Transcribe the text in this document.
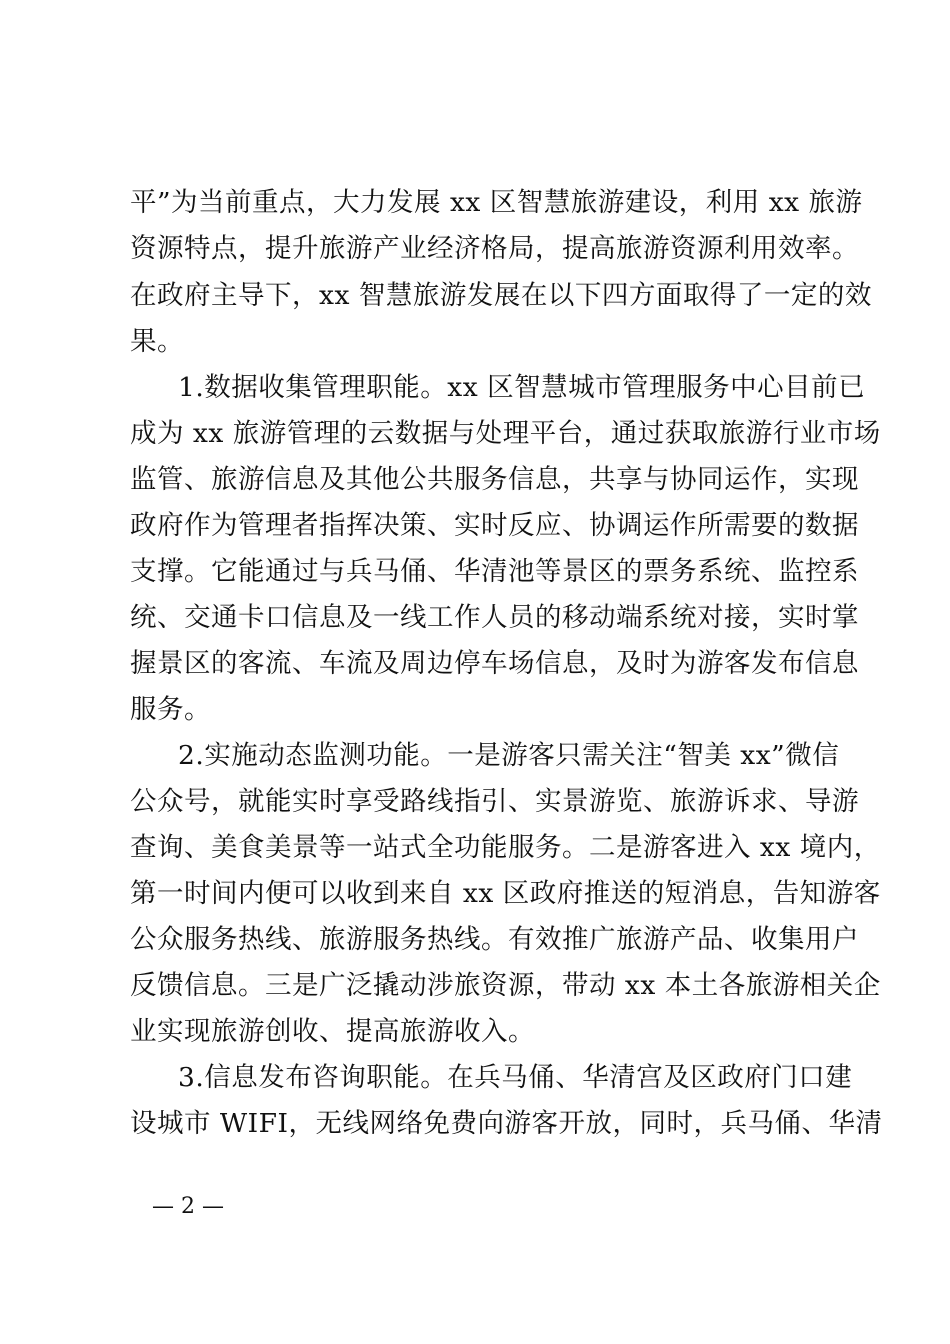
平”为当前重点，大力发展 xx 区智慧旅游建设，利用 xx 旅游
资源特点，提升旅游产业经济格局，提高旅游资源利用效率。
在政府主导下，xx 智慧旅游发展在以下四方面取得了一定的效
果。
1.数据收集管理职能。xx 区智慧城市管理服务中心目前已
成为 xx 旅游管理的云数据与处理平台，通过获取旅游行业市场
监管、旅游信息及其他公共服务信息，共享与协同运作，实现
政府作为管理者指挥决策、实时反应、协调运作所需要的数据
支撑。它能通过与兵马俑、华清池等景区的票务系统、监控系
统、交通卡口信息及一线工作人员的移动端系统对接，实时掌
握景区的客流、车流及周边停车场信息，及时为游客发布信息
服务。
2.实施动态监测功能。一是游客只需关注“智美 xx”微信
公众号，就能实时享受路线指引、实景游览、旅游诉求、导游
查询、美食美景等一站式全功能服务。二是游客进入 xx 境内，
第一时间内便可以收到来自 xx 区政府推送的短消息，告知游客
公众服务热线、旅游服务热线。有效推广旅游产品、收集用户
反馈信息。三是广泛撬动涉旅资源，带动 xx 本土各旅游相关企
业实现旅游创收、提高旅游收入。
3.信息发布咨询职能。在兵马俑、华清宫及区政府门口建
设城市 WIFI，无线网络免费向游客开放，同时，兵马俑、华清
— 2 —
